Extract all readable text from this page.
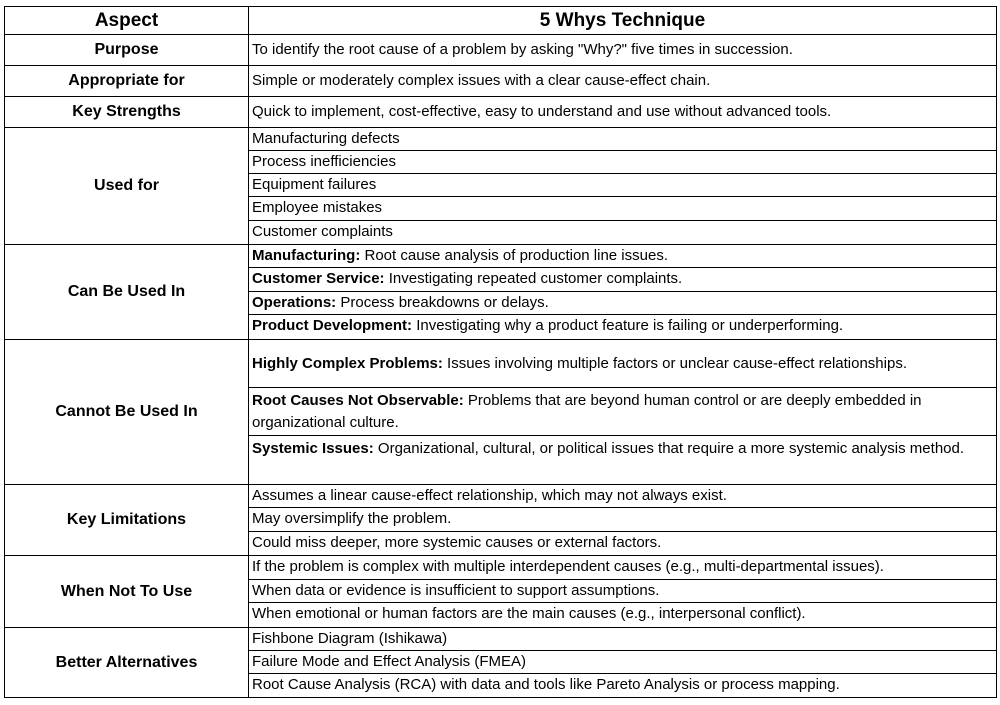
Aspect	5 Whys Technique
Purpose	To identify the root cause of a problem by asking "Why?" five times in succession.

Appropriate for	Simple or moderately complex issues with a clear cause-effect chain.

Key Strengths	Quick to implement, cost-effective, easy to understand and use without advanced tools.

Used for	Manufacturing defects
Process inefficiencies
Equipment failures
Employee mistakes
Customer complaints

Can Be Used In	Manufacturing: Root cause analysis of production line issues.
Customer Service: Investigating repeated customer complaints.
Operations: Process breakdowns or delays.
Product Development: Investigating why a product feature is failing or underperforming.

Cannot Be Used In	Highly Complex Problems: Issues involving multiple factors or unclear cause-effect relationships.
Root Causes Not Observable: Problems that are beyond human control or are deeply embedded in organizational culture.
Systemic Issues: Organizational, cultural, or political issues that require a more systemic analysis method.

Key Limitations	Assumes a linear cause-effect relationship, which may not always exist.
May oversimplify the problem.
Could miss deeper, more systemic causes or external factors.

When Not To Use	If the problem is complex with multiple interdependent causes (e.g., multi-departmental issues).
When data or evidence is insufficient to support assumptions.
When emotional or human factors are the main causes (e.g., interpersonal conflict).

Better Alternatives	Fishbone Diagram (Ishikawa)
Failure Mode and Effect Analysis (FMEA)
Root Cause Analysis (RCA) with data and tools like Pareto Analysis or process mapping.
